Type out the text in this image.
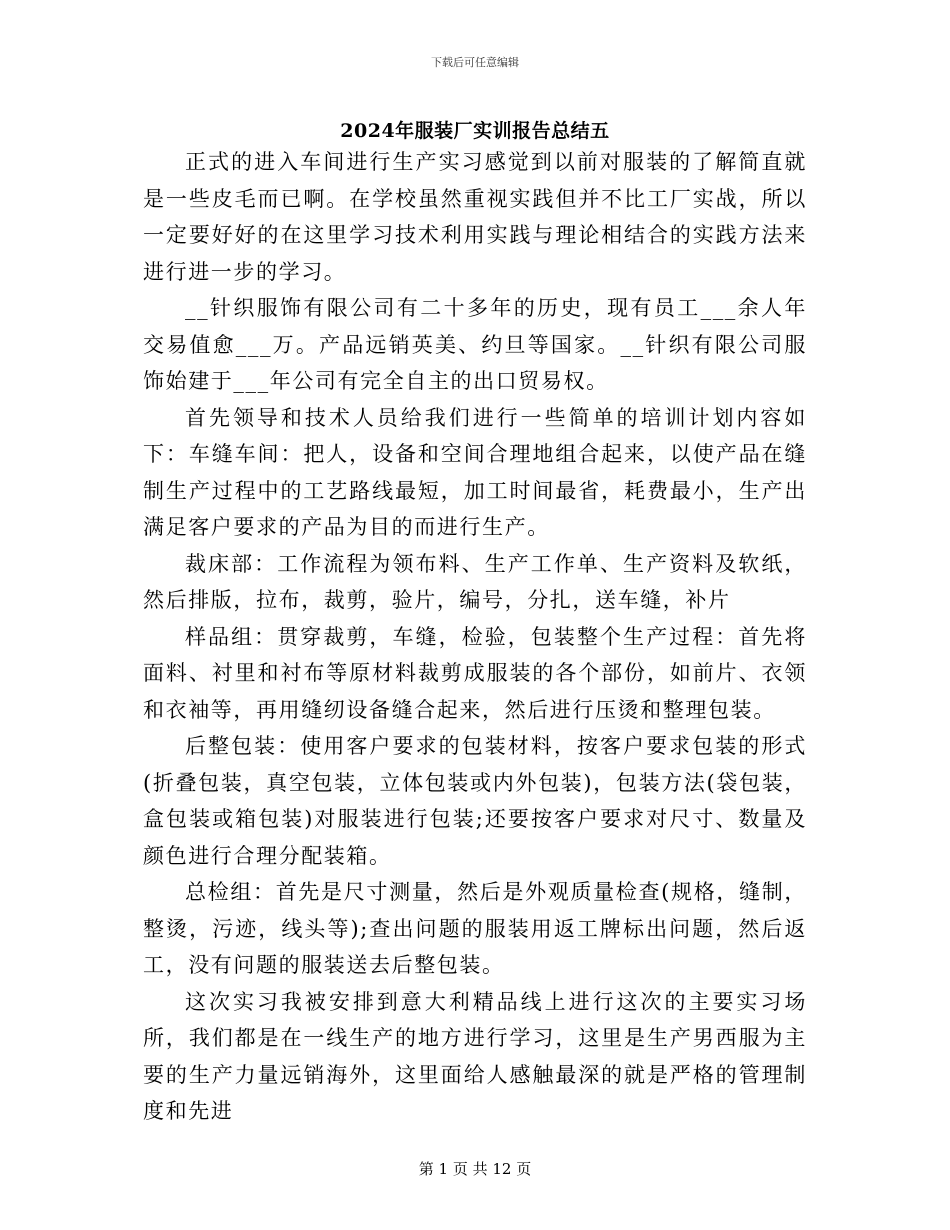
下载后可任意编辑
2024年服装厂实训报告总结五

正式的进入车间进行生产实习感觉到以前对服装的了解简直就是一些皮毛而已啊。在学校虽然重视实践但并不比工厂实战，所以一定要好好的在这里学习技术利用实践与理论相结合的实践方法来进行进一步的学习。

__针织服饰有限公司有二十多年的历史，现有员工___余人年交易值愈___万。产品远销英美、约旦等国家。__针织有限公司服饰始建于___年公司有完全自主的出口贸易权。

首先领导和技术人员给我们进行一些简单的培训计划内容如下：车缝车间：把人，设备和空间合理地组合起来，以使产品在缝制生产过程中的工艺路线最短，加工时间最省，耗费最小，生产出满足客户要求的产品为目的而进行生产。

裁床部：工作流程为领布料、生产工作单、生产资料及软纸，然后排版，拉布，裁剪，验片，编号，分扎，送车缝，补片

样品组：贯穿裁剪，车缝，检验，包装整个生产过程：首先将面料、衬里和衬布等原材料裁剪成服装的各个部份，如前片、衣领和衣袖等，再用缝纫设备缝合起来，然后进行压烫和整理包装。

后整包装：使用客户要求的包装材料，按客户要求包装的形式(折叠包装，真空包装，立体包装或内外包装)，包装方法(袋包装，盒包装或箱包装)对服装进行包装;还要按客户要求对尺寸、数量及颜色进行合理分配装箱。

总检组：首先是尺寸测量，然后是外观质量检查(规格，缝制，整烫，污迹，线头等);查出问题的服装用返工牌标出问题，然后返工，没有问题的服装送去后整包装。

这次实习我被安排到意大利精品线上进行这次的主要实习场所，我们都是在一线生产的地方进行学习，这里是生产男西服为主要的生产力量远销海外，这里面给人感触最深的就是严格的管理制度和先进

第 1 页 共 12 页
